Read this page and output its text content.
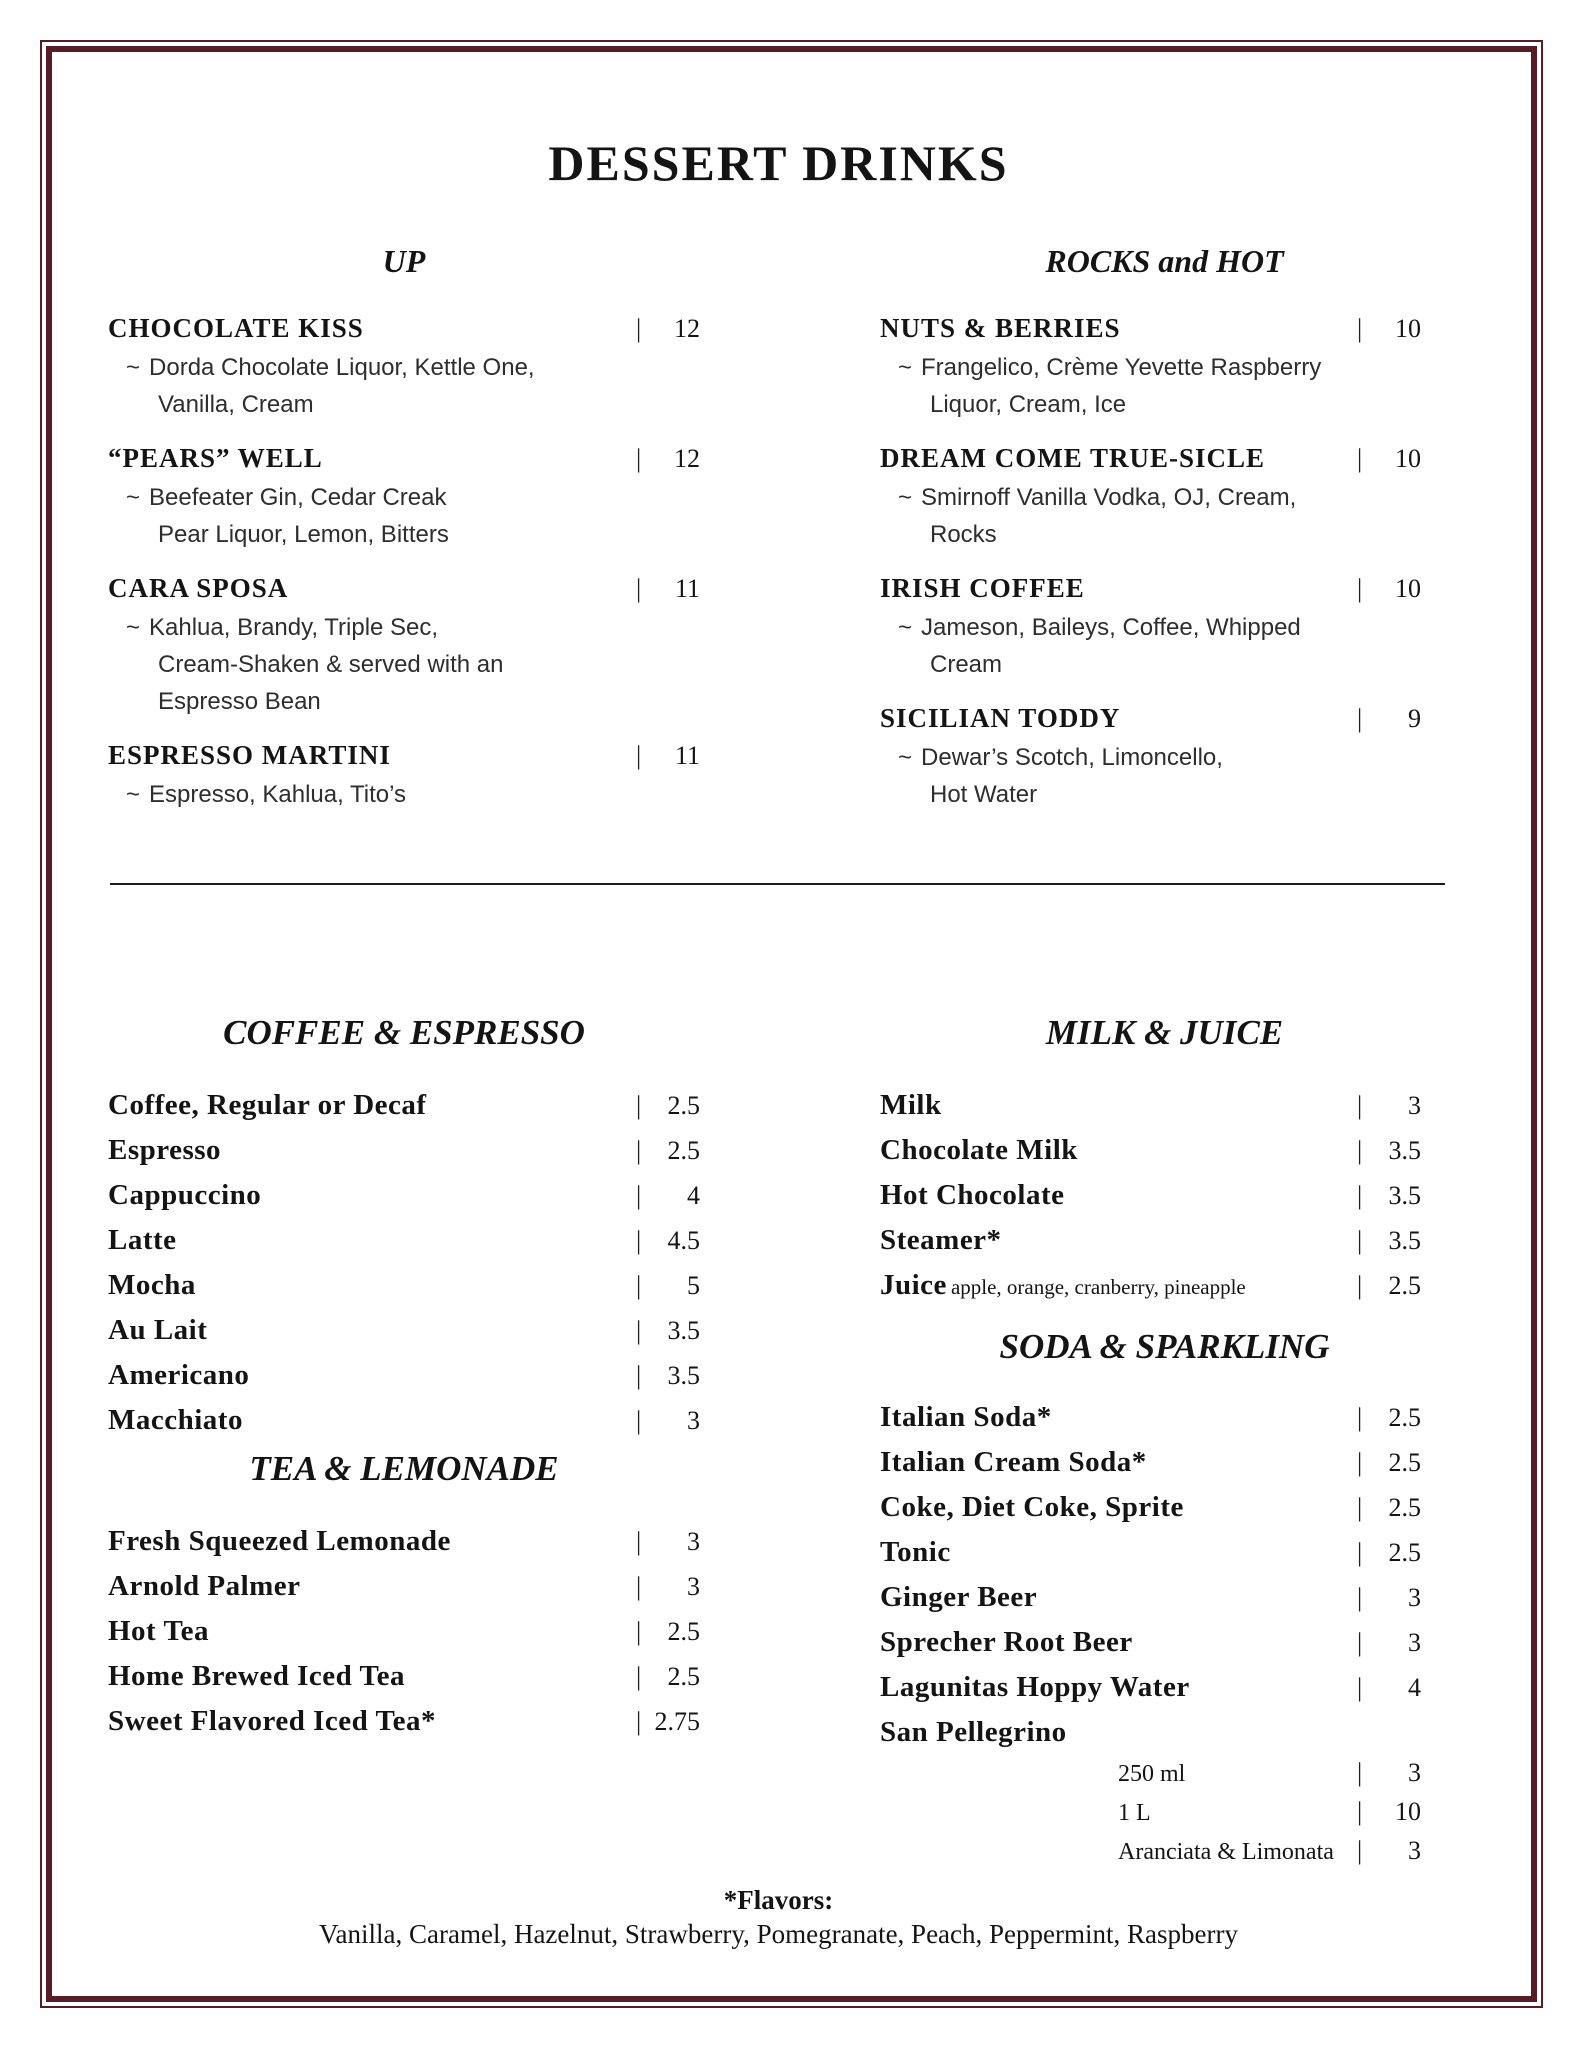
DESSERT DRINKS
UP
CHOCOLATE KISS	| 12
~ Dorda Chocolate Liquor, Kettle One,
Vanilla, Cream
“PEARS” WELL	| 12
~ Beefeater Gin, Cedar Creak
Pear Liquor, Lemon, Bitters
CARA SPOSA	| 11
~ Kahlua, Brandy, Triple Sec,
Cream-Shaken & served with an
Espresso Bean
ESPRESSO MARTINI	| 11
~ Espresso, Kahlua, Tito’s
ROCKS and HOT
NUTS & BERRIES	| 10
~ Frangelico, Crème Yevette Raspberry
Liquor, Cream, Ice
DREAM COME TRUE-SICLE	| 10
~ Smirnoff Vanilla Vodka, OJ, Cream,
Rocks
IRISH COFFEE	| 10
~ Jameson, Baileys, Coffee, Whipped
Cream
SICILIAN TODDY	| 9
~ Dewar’s Scotch, Limoncello,
Hot Water
COFFEE & ESPRESSO
Coffee, Regular or Decaf	| 2.5
Espresso	| 2.5
Cappuccino	| 4
Latte	| 4.5
Mocha	| 5
Au Lait	| 3.5
Americano	| 3.5
Macchiato	| 3
TEA & LEMONADE
Fresh Squeezed Lemonade	| 3
Arnold Palmer	| 3
Hot Tea	| 2.5
Home Brewed Iced Tea	| 2.5
Sweet Flavored Iced Tea*	| 2.75
MILK & JUICE
Milk	| 3
Chocolate Milk	| 3.5
Hot Chocolate	| 3.5
Steamer*	| 3.5
Juice apple, orange, cranberry, pineapple	| 2.5
SODA & SPARKLING
Italian Soda*	| 2.5
Italian Cream Soda*	| 2.5
Coke, Diet Coke, Sprite	| 2.5
Tonic	| 2.5
Ginger Beer	| 3
Sprecher Root Beer	| 3
Lagunitas Hoppy Water	| 4
San Pellegrino
250 ml	| 3
1 L	| 10
Aranciata & Limonata | 3
*Flavors:
Vanilla, Caramel, Hazelnut, Strawberry, Pomegranate, Peach, Peppermint, Raspberry
